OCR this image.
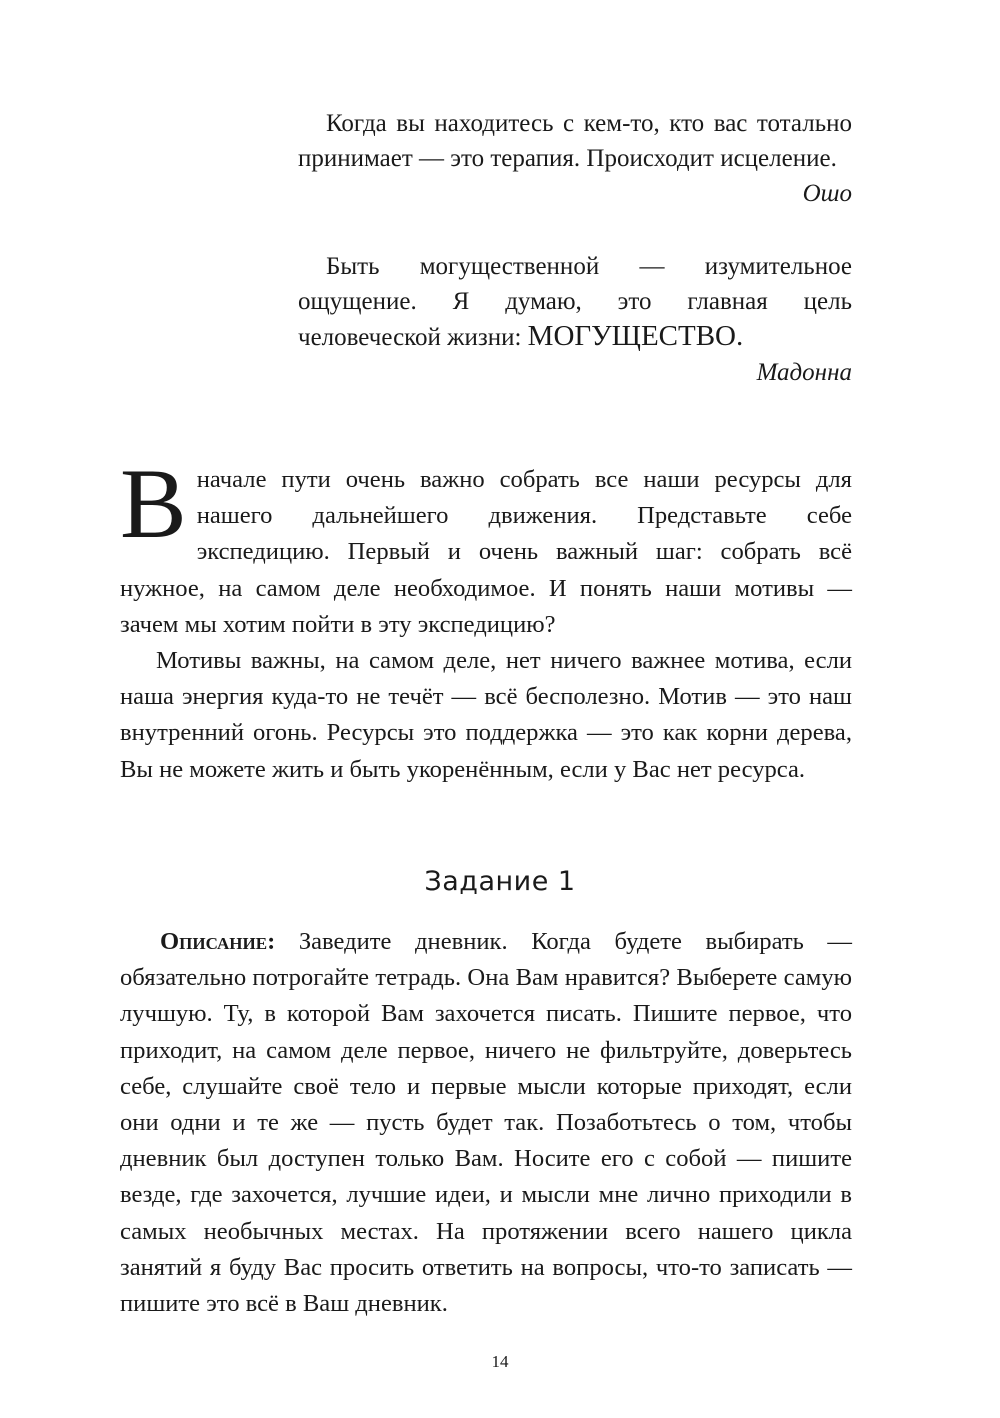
Когда вы находитесь с кем-то, кто вас тотально принимает — это терапия. Происходит исцеление.

Ошо

Быть могущественной — изумительное ощущение. Я думаю, это главная цель человеческой жизни: МОГУЩЕСТВО.

Мадонна

В начале пути очень важно собрать все наши ресурсы для нашего дальнейшего движения. Представьте себе экспедицию. Первый и очень важный шаг: собрать всё нужное, на самом деле необходимое. И понять наши мотивы — зачем мы хотим пойти в эту экспедицию?

Мотивы важны, на самом деле, нет ничего важнее мотива, если наша энергия куда-то не течёт — всё бесполезно. Мотив — это наш внутренний огонь. Ресурсы это поддержка — это как корни дерева, Вы не можете жить и быть укоренённым, если у Вас нет ресурса.

Задание 1

Описание: Заведите дневник. Когда будете выбирать — обязательно потрогайте тетрадь. Она Вам нравится? Выберете самую лучшую. Ту, в которой Вам захочется писать. Пишите первое, что приходит, на самом деле первое, ничего не фильтруйте, доверьтесь себе, слушайте своё тело и первые мысли которые приходят, если они одни и те же — пусть будет так. Позаботьтесь о том, чтобы дневник был доступен только Вам. Носите его с собой — пишите везде, где захочется, лучшие идеи, и мысли мне лично приходили в самых необычных местах. На протяжении всего нашего цикла занятий я буду Вас просить ответить на вопросы, что-то записать — пишите это всё в Ваш дневник.

14
